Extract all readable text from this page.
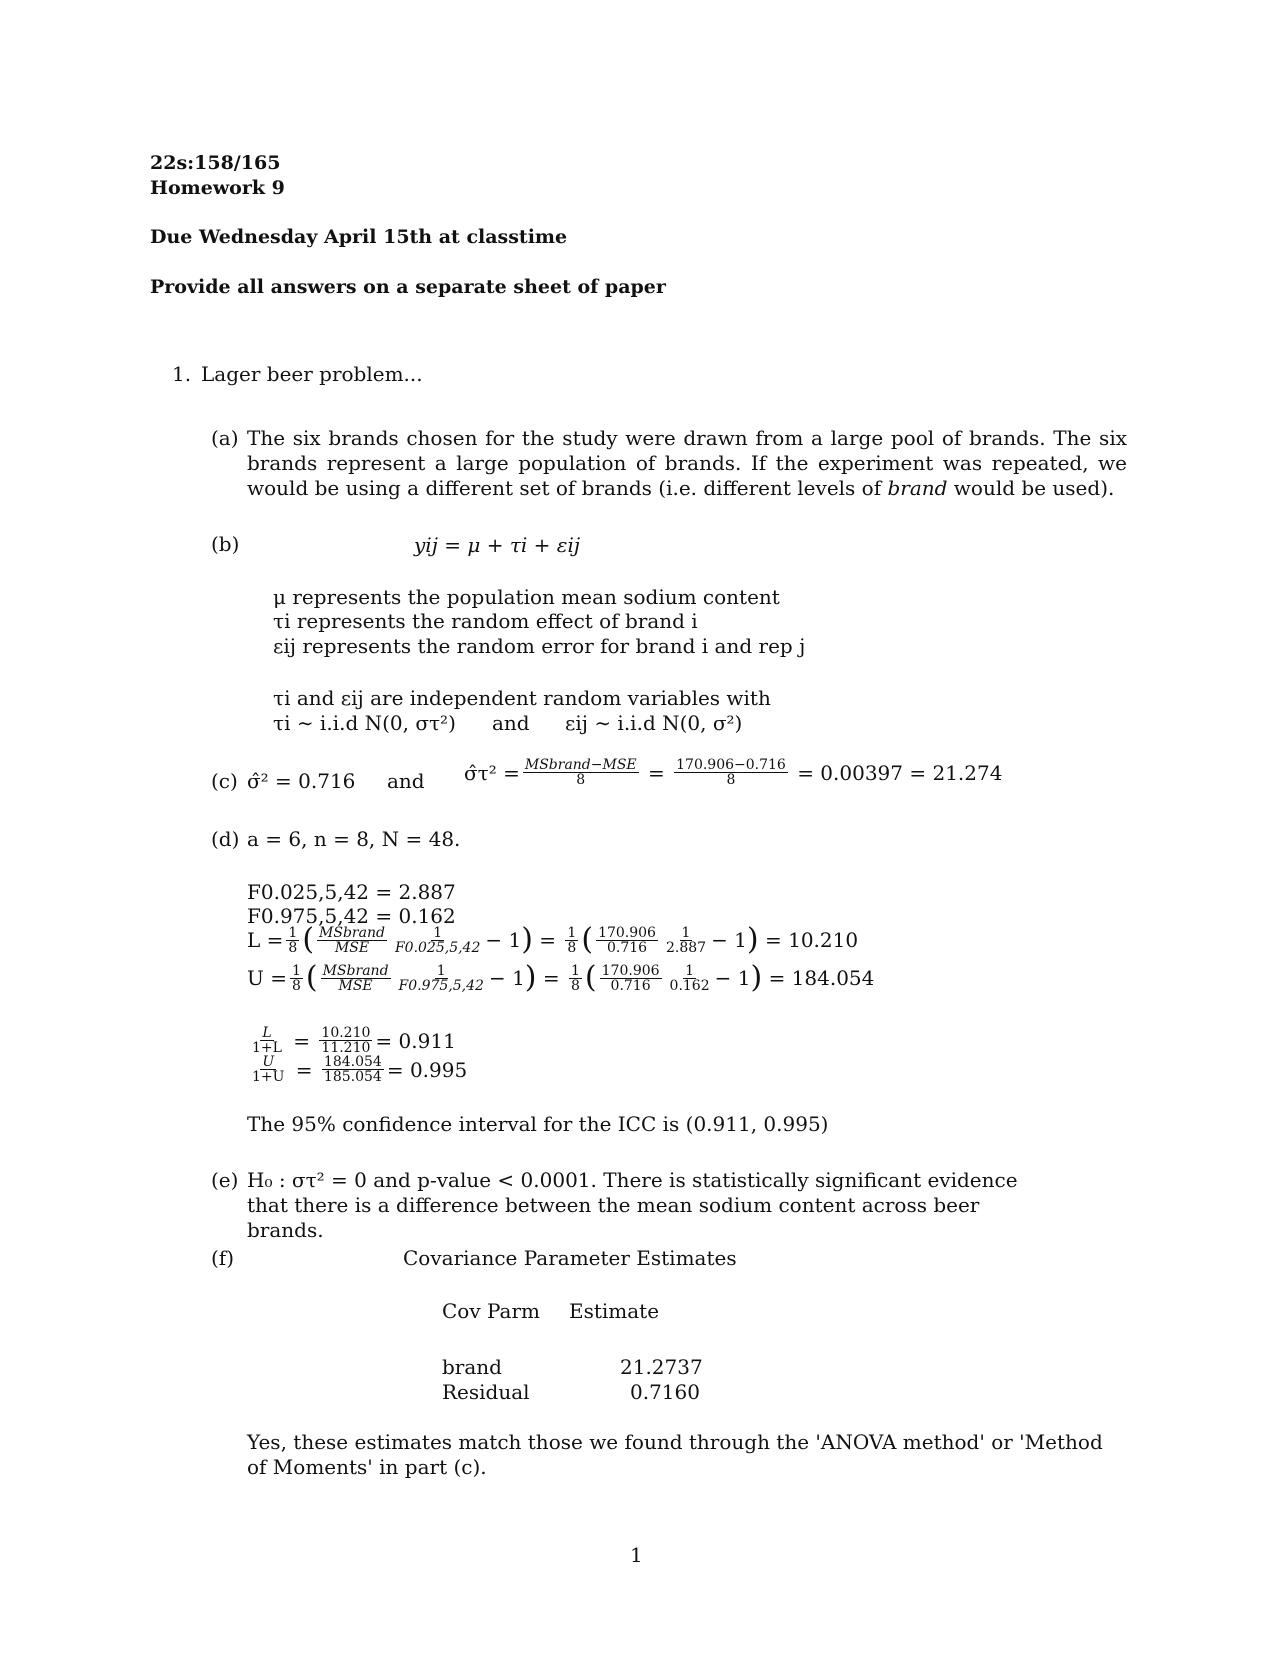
22s:158/165
Homework 9
Due Wednesday April 15th at classtime
Provide all answers on a separate sheet of paper
1. Lager beer problem...
(a) The six brands chosen for the study were drawn from a large pool of brands. The six brands represent a large population of brands. If the experiment was repeated, we would be using a different set of brands (i.e. different levels of brand would be used).
(b)	yij = μ + τi + εij
μ represents the population mean sodium content
τi represents the random effect of brand i
εij represents the random error for brand i and rep j
τi and εij are independent random variables with
τi ∼ i.i.d N(0, στ²) and εij ∼ i.i.d N(0, σ²)
(c) σ̂² = 0.716 and σ̂τ² = $\frac{\text{MSbrand−MSE}}{8} = \frac{170.906-0.716}{8}$
= 0.00397 = 21.274
(d) a = 6, n = 8, N = 48.
F0.025,5,42 = 2.887
F0.975,5,42 = 0.162
$L = \frac{1}{8}$ ( $\frac{\text{MSbrand}}{\text{MSE}} \frac{1}{F0.025,5,42} - 1$ ) = $\frac{1}{8}$ ( $\frac{170.906}{0.716} \frac{1}{2.887} - 1$ )
= 10.210
$U = \frac{1}{8}$ ( $\frac{\text{MSbrand}}{\text{MSE}} \frac{1}{F0.975,5,42} - 1$ ) = $\frac{1}{8}$ ( $\frac{170.906}{0.716} \frac{1}{0.162} - 1$ )
= 184.054
$\frac{L}{1+L} = \frac{10.210}{11.210} = 0.911$
$\frac{U}{1+U} = \frac{184.054}{185.054} = 0.995$
The 95% confidence interval for the ICC is (0.911, 0.995)
(e) H₀ : στ² = 0 and p-value < 0.0001. There is statistically significant evidence that there is a difference between the mean sodium content across beer brands.
(f)	Covariance Parameter Estimates
Cov Parm Estimate
brand	21.2737
Residual	0.7160
Yes, these estimates match those we found through the 'ANOVA method' or 'Method of Moments' in part (c).
1
